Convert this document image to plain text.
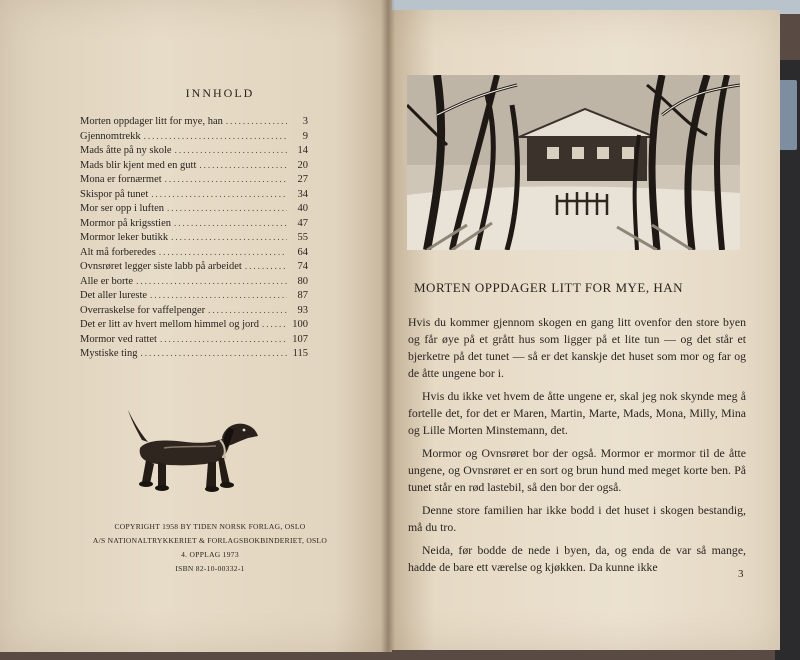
INNHOLD
Morten oppdager litt for mye, han .....	3
Gjennomtrekk .....	9
Mads åtte på ny skole .....	14
Mads blir kjent med en gutt .....	20
Mona er fornærmet .....	27
Skispor på tunet .....	34
Mor ser opp i luften .....	40
Mormor på krigsstien .....	47
Mormor leker butikk .....	55
Alt må forberedes .....	64
Ovnsrøret legger siste labb på arbeidet .....	74
Alle er borte .....	80
Det aller lureste .....	87
Overraskelse for vaffelpenger .....	93
Det er litt av hvert mellom himmel og jord .....	100
Mormor ved rattet .....	107
Mystiske ting .....	115
COPYRIGHT 1958 BY TIDEN NORSK FORLAG, OSLO
A/S NATIONALTRYKKERIET & FORLAGSBOKBINDERIET, OSLO
4. OPPLAG 1973
ISBN 82-10-00332-1
MORTEN OPPDAGER LITT FOR MYE, HAN

Hvis du kommer gjennom skogen en gang litt ovenfor den store byen og får øye på et grått hus som ligger på et lite tun — og det står et bjerketre på det tunet — så er det kanskje det huset som mor og far og de åtte ungene bor i.

Hvis du ikke vet hvem de åtte ungene er, skal jeg nok skynde meg å fortelle det, for det er Maren, Martin, Marte, Mads, Mona, Milly, Mina og Lille Morten Minstemann, det.

Mormor og Ovnsrøret bor der også. Mormor er mormor til de åtte ungene, og Ovnsrøret er en sort og brun hund med meget korte ben. På tunet står en rød lastebil, så den bor der også.

Denne store familien har ikke bodd i det huset i skogen bestandig, må du tro.

Neida, før bodde de nede i byen, da, og enda de var så mange, hadde de bare ett værelse og kjøkken. Da kunne ikke	3
